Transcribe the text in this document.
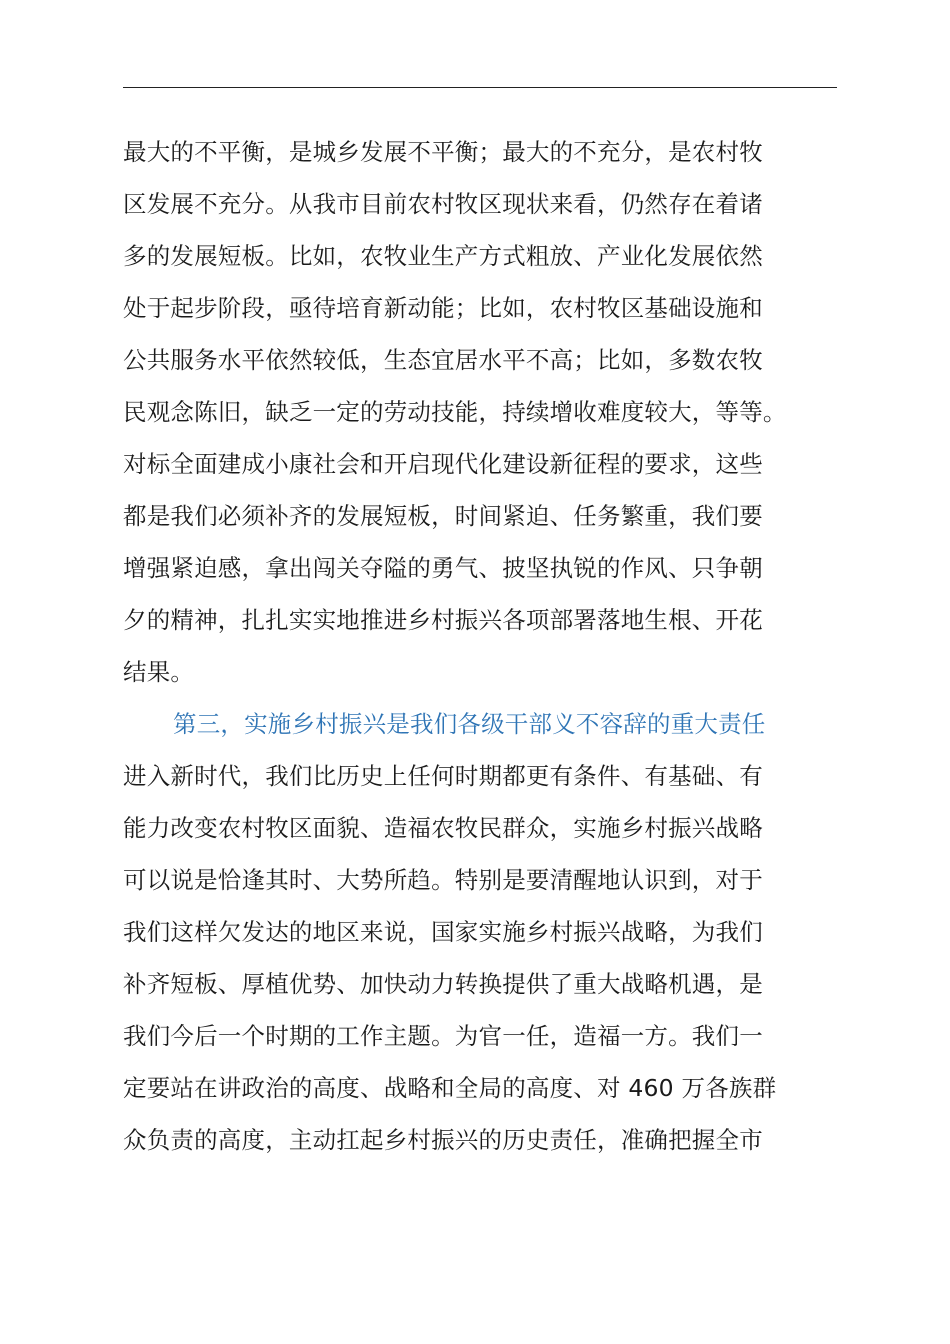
最大的不平衡，是城乡发展不平衡；最大的不充分，是农村牧
区发展不充分。从我市目前农村牧区现状来看，仍然存在着诸
多的发展短板。比如，农牧业生产方式粗放、产业化发展依然
处于起步阶段，亟待培育新动能；比如，农村牧区基础设施和
公共服务水平依然较低，生态宜居水平不高；比如，多数农牧
民观念陈旧，缺乏一定的劳动技能，持续增收难度较大，等等。
对标全面建成小康社会和开启现代化建设新征程的要求，这些
都是我们必须补齐的发展短板，时间紧迫、任务繁重，我们要
增强紧迫感，拿出闯关夺隘的勇气、披坚执锐的作风、只争朝
夕的精神，扎扎实实地推进乡村振兴各项部署落地生根、开花
结果。
第三，实施乡村振兴是我们各级干部义不容辞的重大责任
进入新时代，我们比历史上任何时期都更有条件、有基础、有
能力改变农村牧区面貌、造福农牧民群众，实施乡村振兴战略
可以说是恰逢其时、大势所趋。特别是要清醒地认识到，对于
我们这样欠发达的地区来说，国家实施乡村振兴战略，为我们
补齐短板、厚植优势、加快动力转换提供了重大战略机遇，是
我们今后一个时期的工作主题。为官一任，造福一方。我们一
定要站在讲政治的高度、战略和全局的高度、对 460 万各族群
众负责的高度，主动扛起乡村振兴的历史责任，准确把握全市
